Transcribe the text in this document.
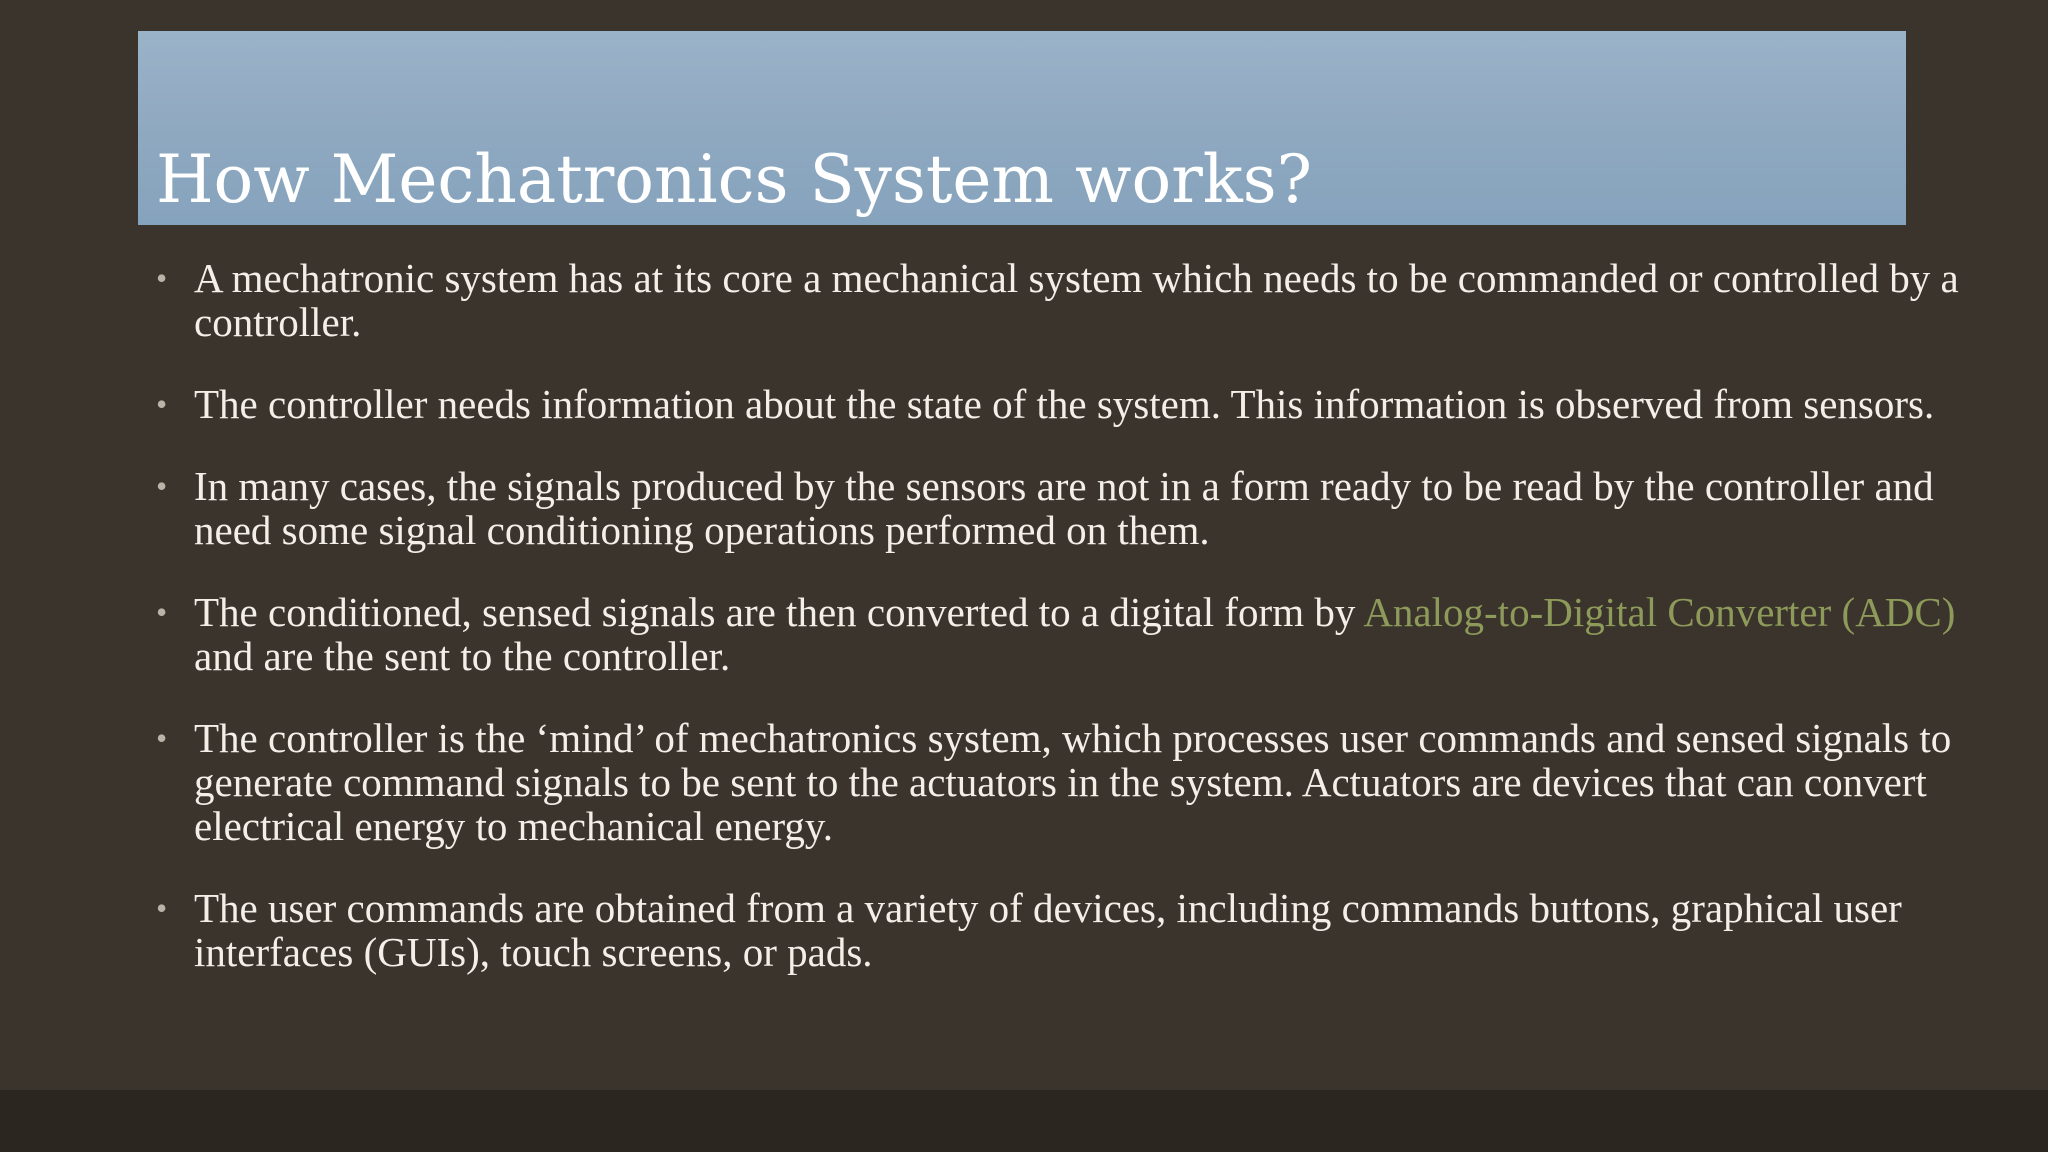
How Mechatronics System works?
• A mechatronic system has at its core a mechanical system which needs to be commanded or controlled by a controller.
• The controller needs information about the state of the system. This information is observed from sensors.
• In many cases, the signals produced by the sensors are not in a form ready to be read by the controller and need some signal conditioning operations performed on them.
• The conditioned, sensed signals are then converted to a digital form by Analog-to-Digital Converter (ADC) and are the sent to the controller.
• The controller is the ‘mind’ of mechatronics system, which processes user commands and sensed signals to generate command signals to be sent to the actuators in the system. Actuators are devices that can convert electrical energy to mechanical energy.
• The user commands are obtained from a variety of devices, including commands buttons, graphical user interfaces (GUIs), touch screens, or pads.
